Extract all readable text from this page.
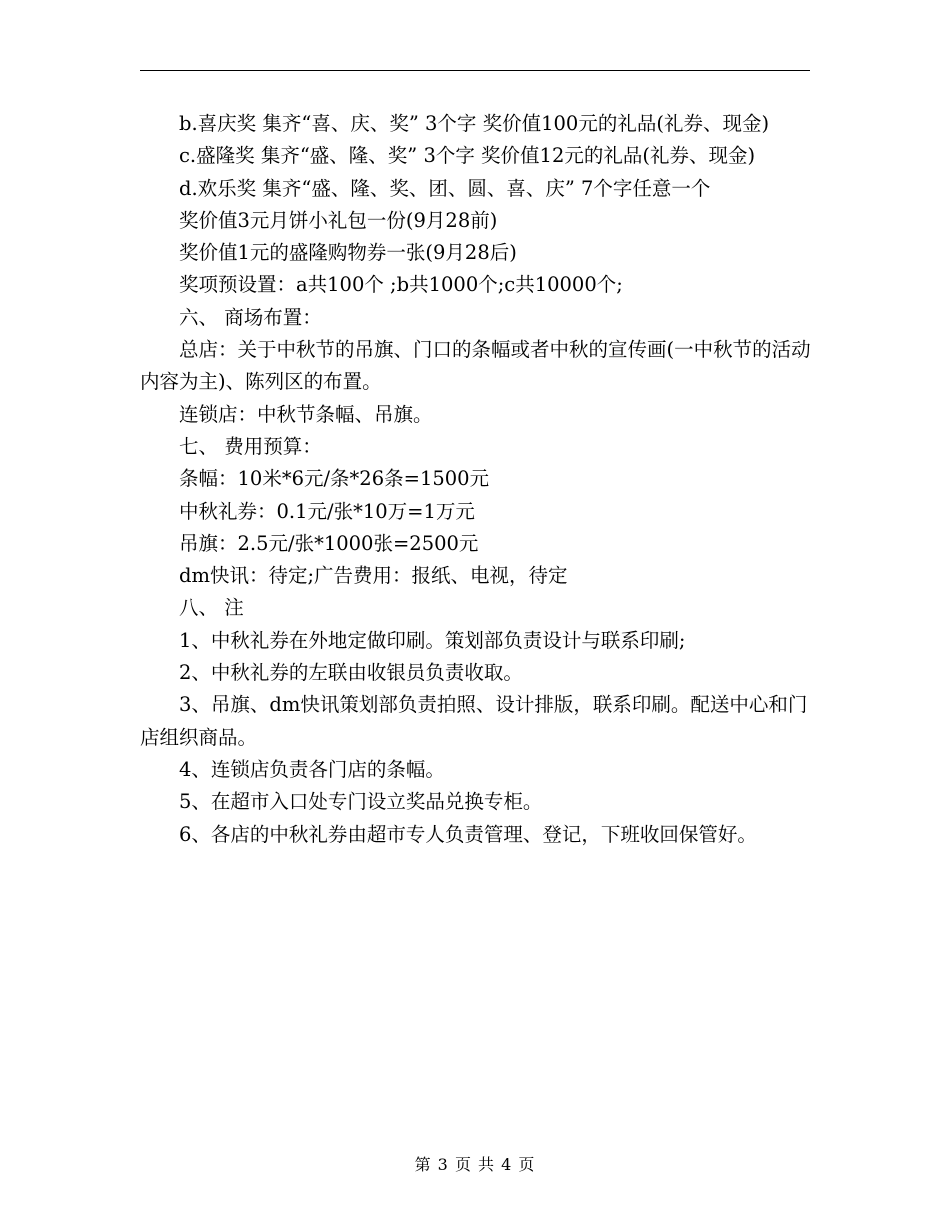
b.喜庆奖 集齐“喜、庆、奖” 3个字 奖价值100元的礼品(礼券、现金)

c.盛隆奖 集齐“盛、隆、奖” 3个字 奖价值12元的礼品(礼券、现金)

d.欢乐奖 集齐“盛、隆、奖、团、圆、喜、庆” 7个字任意一个

奖价值3元月饼小礼包一份(9月28前)

奖价值1元的盛隆购物券一张(9月28后)

奖项预设置：a共100个 ;b共1000个;c共10000个;

六、 商场布置：

总店：关于中秋节的吊旗、门口的条幅或者中秋的宣传画(一中秋节的活动内容为主)、陈列区的布置。

连锁店：中秋节条幅、吊旗。

七、 费用预算：

条幅：10米*6元/条*26条=1500元

中秋礼券：0.1元/张*10万=1万元

吊旗：2.5元/张*1000张=2500元

dm快讯：待定;广告费用：报纸、电视，待定

八、 注

1、中秋礼券在外地定做印刷。策划部负责设计与联系印刷;

2、中秋礼券的左联由收银员负责收取。

3、吊旗、dm快讯策划部负责拍照、设计排版，联系印刷。配送中心和门店组织商品。

4、连锁店负责各门店的条幅。

5、在超市入口处专门设立奖品兑换专柜。

6、各店的中秋礼券由超市专人负责管理、登记，下班收回保管好。

第 3 页 共 4 页
